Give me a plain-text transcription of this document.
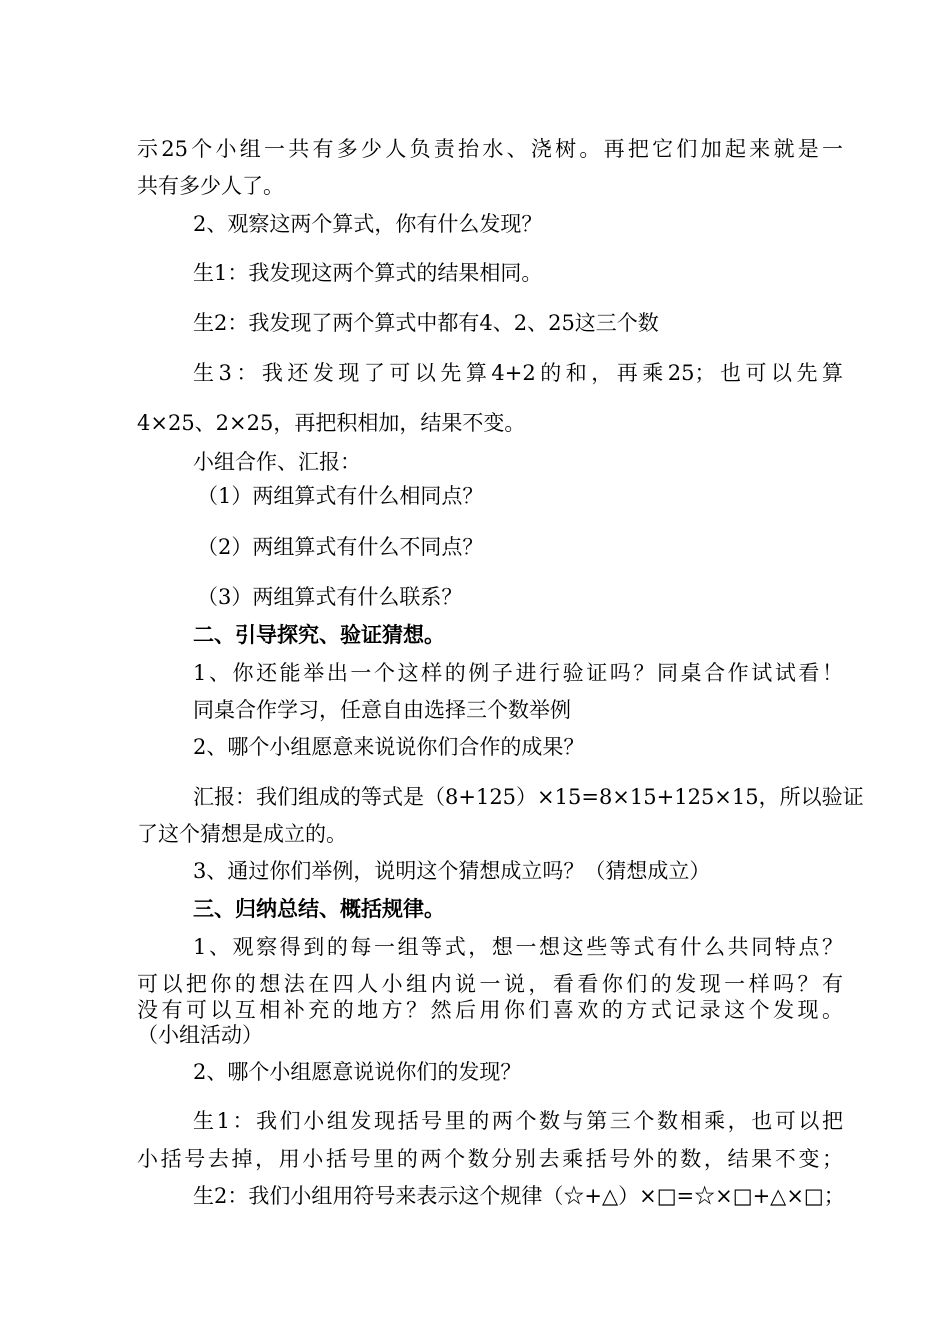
示25个小组一共有多少人负责抬水、浇树。再把它们加起来就是一

共有多少人了。

2、观察这两个算式，你有什么发现？

生1：我发现这两个算式的结果相同。

生2：我发现了两个算式中都有4、2、25这三个数

生3：我还发现了可以先算4+2的和，再乘25；也可以先算

4×25、2×25，再把积相加，结果不变。

小组合作、汇报：

（1）两组算式有什么相同点？

（2）两组算式有什么不同点？

（3）两组算式有什么联系？

二、引导探究、验证猜想。

1、你还能举出一个这样的例子进行验证吗？同桌合作试试看！

同桌合作学习，任意自由选择三个数举例

2、哪个小组愿意来说说你们合作的成果？

汇报：我们组成的等式是（8+125）×15=8×15+125×15，所以验证

了这个猜想是成立的。

3、通过你们举例，说明这个猜想成立吗？（猜想成立）

三、归纳总结、概括规律。

1、观察得到的每一组等式，想一想这些等式有什么共同特点？

可以把你的想法在四人小组内说一说，看看你们的发现一样吗？有

没有可以互相补充的地方？然后用你们喜欢的方式记录这个发现。

（小组活动）

2、哪个小组愿意说说你们的发现？

生1：我们小组发现括号里的两个数与第三个数相乘，也可以把

小括号去掉，用小括号里的两个数分别去乘括号外的数，结果不变；

生2：我们小组用符号来表示这个规律（☆+△）×□=☆×□+△×□；
